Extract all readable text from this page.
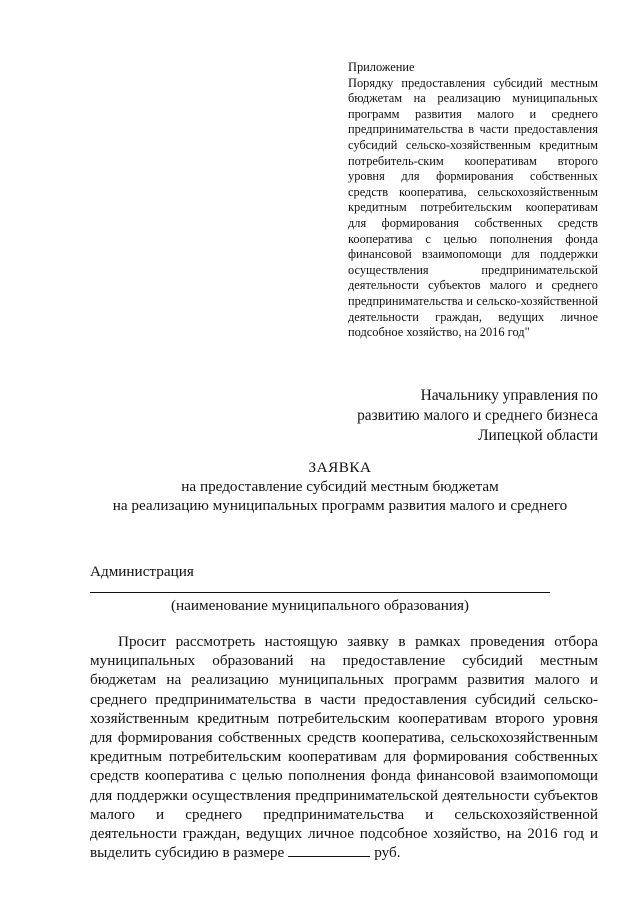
Приложение

Порядку предоставления субсидий местным бюджетам на реализацию муниципальных программ развития малого и среднего предпринимательства в части предоставления субсидий сельско-хозяйственным кредитным потребитель-ским кооперативам второго уровня для формирования собственных средств кооператива, сельскохозяйственным кредитным потребительским кооперативам для формирования собственных средств кооператива с целью пополнения фонда финансовой взаимопомощи для поддержки осуществления предпринимательской деятельности субъектов малого и среднего предпринимательства и сельско-хозяйственной деятельности граждан, ведущих личное подсобное хозяйство, на 2016 год"

Начальнику управления по
развитию малого и среднего бизнеса
Липецкой области
ЗАЯВКА
на предоставление субсидий местным бюджетам
на реализацию муниципальных программ развития малого и среднего
Администрация
(наименование муниципального образования)

Просит рассмотреть настоящую заявку в рамках проведения отбора муниципальных образований на предоставление субсидий местным бюджетам на реализацию муниципальных программ развития малого и среднего предпринимательства в части предоставления субсидий сельско-хозяйственным кредитным потребительским кооперативам второго уровня для формирования собственных средств кооператива, сельскохозяйственным кредитным потребительским кооперативам для формирования собственных средств кооператива с целью пополнения фонда финансовой взаимопомощи для поддержки осуществления предпринимательской деятельности субъектов малого и среднего предпринимательства и сельскохозяйственной деятельности граждан, ведущих личное подсобное хозяйство, на 2016 год и выделить субсидию в размере	руб.
